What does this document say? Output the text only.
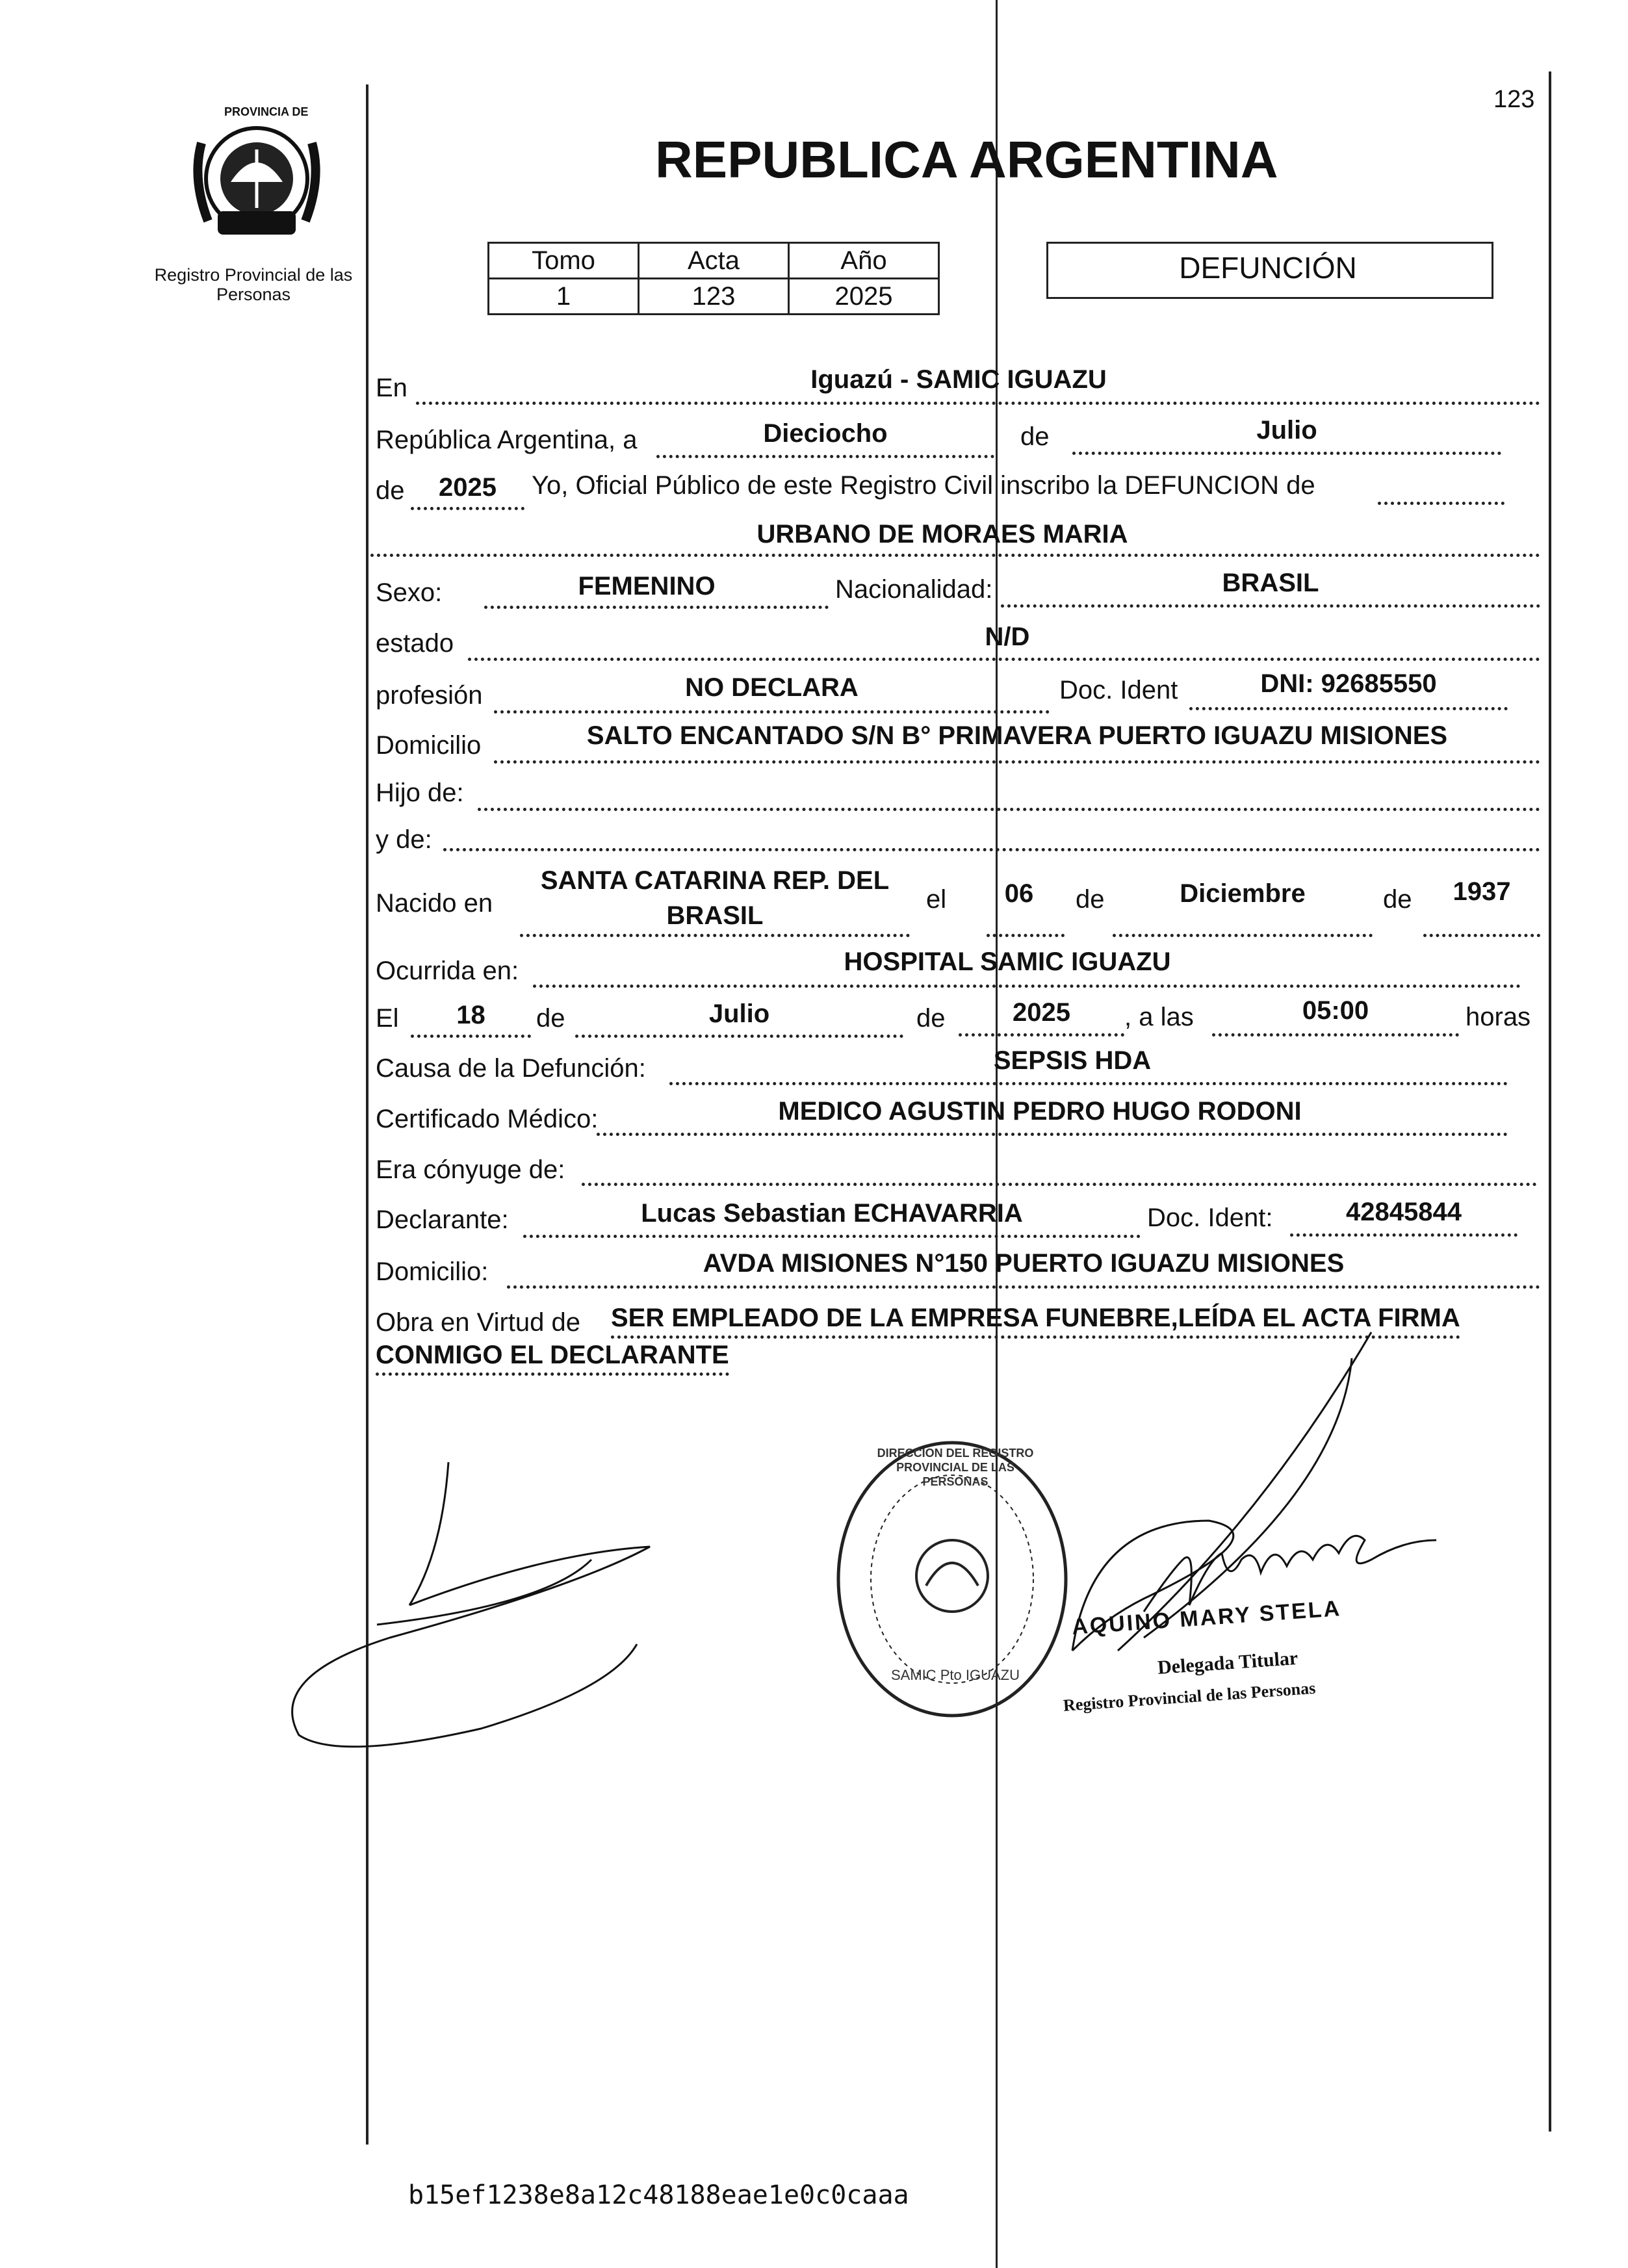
123
PROVINCIA DE
MISIONES
Registro Provincial de las Personas
REPUBLICA ARGENTINA
Tomo	Acta	Año
1	123	2025
DEFUNCIÓN
En	Iguazú - SAMIC IGUAZU
República Argentina, a	Dieciocho	de	Julio
de	2025	Yo, Oficial Público de este Registro Civil inscribo la DEFUNCION de
URBANO DE MORAES MARIA
Sexo:	FEMENINO	Nacionalidad:	BRASIL
estado	N/D
profesión	NO DECLARA	Doc. Ident	DNI: 92685550
Domicilio	SALTO ENCANTADO S/N B° PRIMAVERA PUERTO IGUAZU MISIONES
Hijo de:
y de:
Nacido en
SANTA CATARINA REP. DEL
BRASIL
el	06	de	Diciembre	de	1937
Ocurrida en:	HOSPITAL SAMIC IGUAZU
El	18	de	Julio	de	2025	, a las	05:00	horas
Causa de la Defunción:	SEPSIS HDA
Certificado Médico:	MEDICO AGUSTIN PEDRO HUGO RODONI
Era cónyuge de:
Declarante:	Lucas Sebastian ECHAVARRIA	Doc. Ident:	42845844
Domicilio:	AVDA MISIONES N°150 PUERTO IGUAZU MISIONES
Obra en Virtud de SER EMPLEADO DE LA EMPRESA FUNEBRE,LEÍDA EL ACTA FIRMA
CONMIGO EL DECLARANTE
DIRECCION DEL REGISTRO PROVINCIAL DE LAS PERSONAS
SAMIC Pto IGUAZU
AQUINO MARY STELA
Delegada Titular
Registro Provincial de las Personas
b15ef1238e8a12c48188eae1e0c0caaa
